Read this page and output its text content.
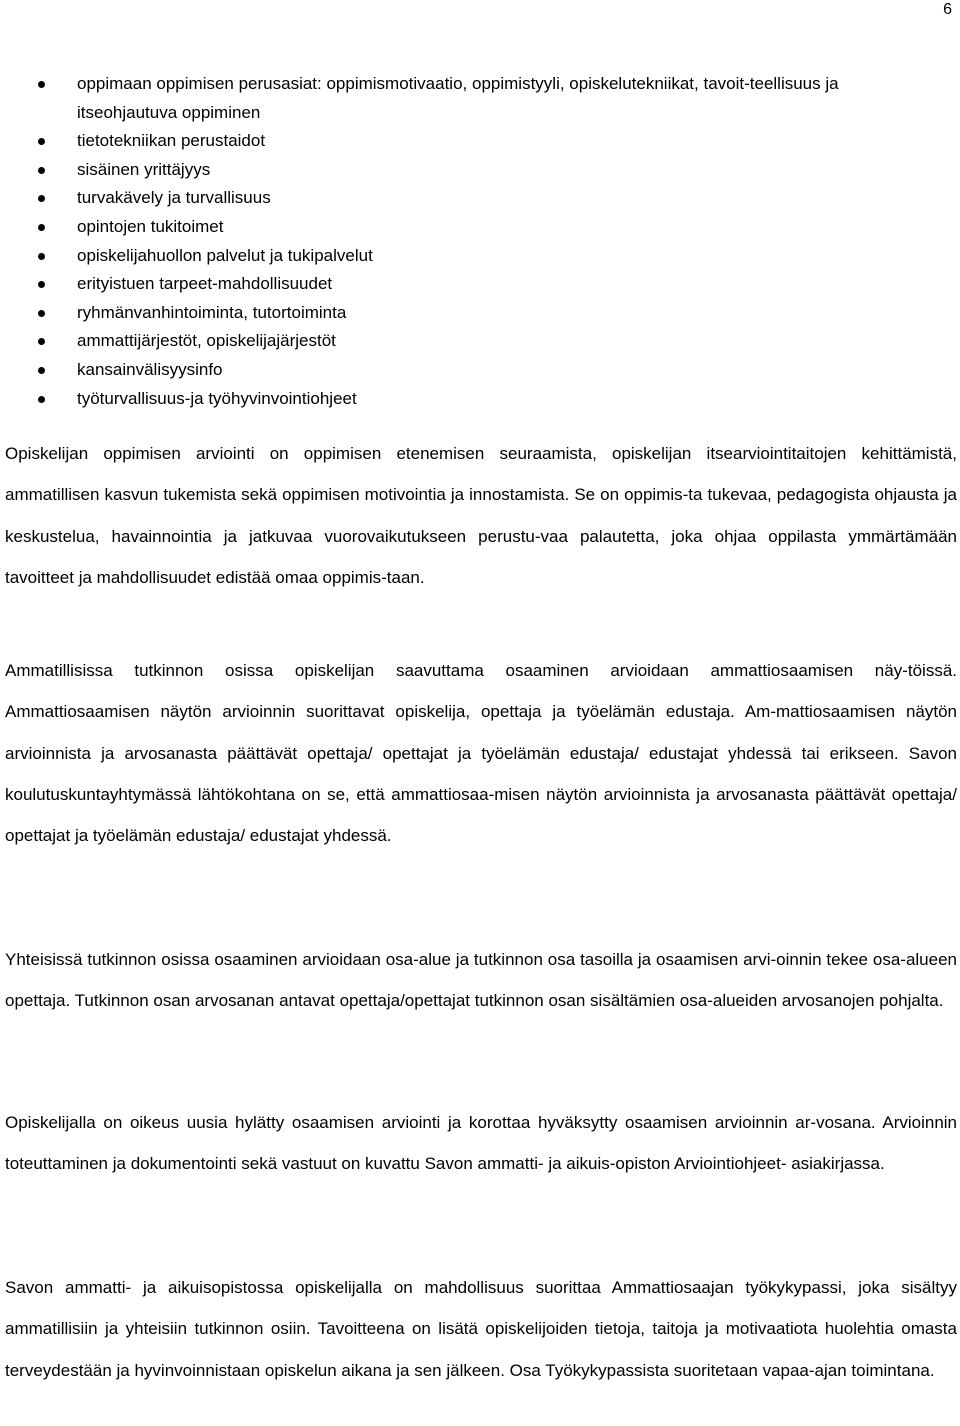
6
oppimaan oppimisen perusasiat: oppimismotivaatio, oppimistyyli, opiskelutekniikat, tavoit-teellisuus ja itseohjautuva oppiminen
tietotekniikan perustaidot
sisäinen yrittäjyys
turvakävely ja turvallisuus
opintojen tukitoimet
opiskelijahuollon palvelut ja tukipalvelut
erityistuen tarpeet-mahdollisuudet
ryhmänvanhintoiminta, tutortoiminta
ammattijärjestöt, opiskelijajärjestöt
kansainvälisyysinfo
työturvallisuus-ja työhyvinvointiohjeet

Opiskelijan oppimisen arviointi on oppimisen etenemisen seuraamista, opiskelijan itsearviointitaitojen kehittämistä, ammatillisen kasvun tukemista sekä oppimisen motivointia ja innostamista. Se on oppimis-ta tukevaa, pedagogista ohjausta ja keskustelua, havainnointia ja jatkuvaa vuorovaikutukseen perustu-vaa palautetta, joka ohjaa oppilasta ymmärtämään tavoitteet ja mahdollisuudet edistää omaa oppimis-taan.

Ammatillisissa tutkinnon osissa opiskelijan saavuttama osaaminen arvioidaan ammattiosaamisen näy-töissä. Ammattiosaamisen näytön arvioinnin suorittavat opiskelija, opettaja ja työelämän edustaja. Am-mattiosaamisen näytön arvioinnista ja arvosanasta päättävät opettaja/ opettajat ja työelämän edustaja/ edustajat yhdessä tai erikseen. Savon koulutuskuntayhtymässä lähtökohtana on se, että ammattiosaa-misen näytön arvioinnista ja arvosanasta päättävät opettaja/ opettajat ja työelämän edustaja/ edustajat yhdessä.

Yhteisissä tutkinnon osissa osaaminen arvioidaan osa-alue ja tutkinnon osa tasoilla ja osaamisen arvi-oinnin tekee osa-alueen opettaja. Tutkinnon osan arvosanan antavat opettaja/opettajat tutkinnon osan sisältämien osa-alueiden arvosanojen pohjalta.

Opiskelijalla on oikeus uusia hylätty osaamisen arviointi ja korottaa hyväksytty osaamisen arvioinnin ar-vosana. Arvioinnin toteuttaminen ja dokumentointi sekä vastuut on kuvattu Savon ammatti- ja aikuis-opiston Arviointiohjeet- asiakirjassa.

Savon ammatti- ja aikuisopistossa opiskelijalla on mahdollisuus suorittaa Ammattiosaajan työkykypassi, joka sisältyy ammatillisiin ja yhteisiin tutkinnon osiin. Tavoitteena on lisätä opiskelijoiden tietoja, taitoja ja motivaatiota huolehtia omasta terveydestään ja hyvinvoinnistaan opiskelun aikana ja sen jälkeen. Osa Työkykypassista suoritetaan vapaa-ajan toimintana.
